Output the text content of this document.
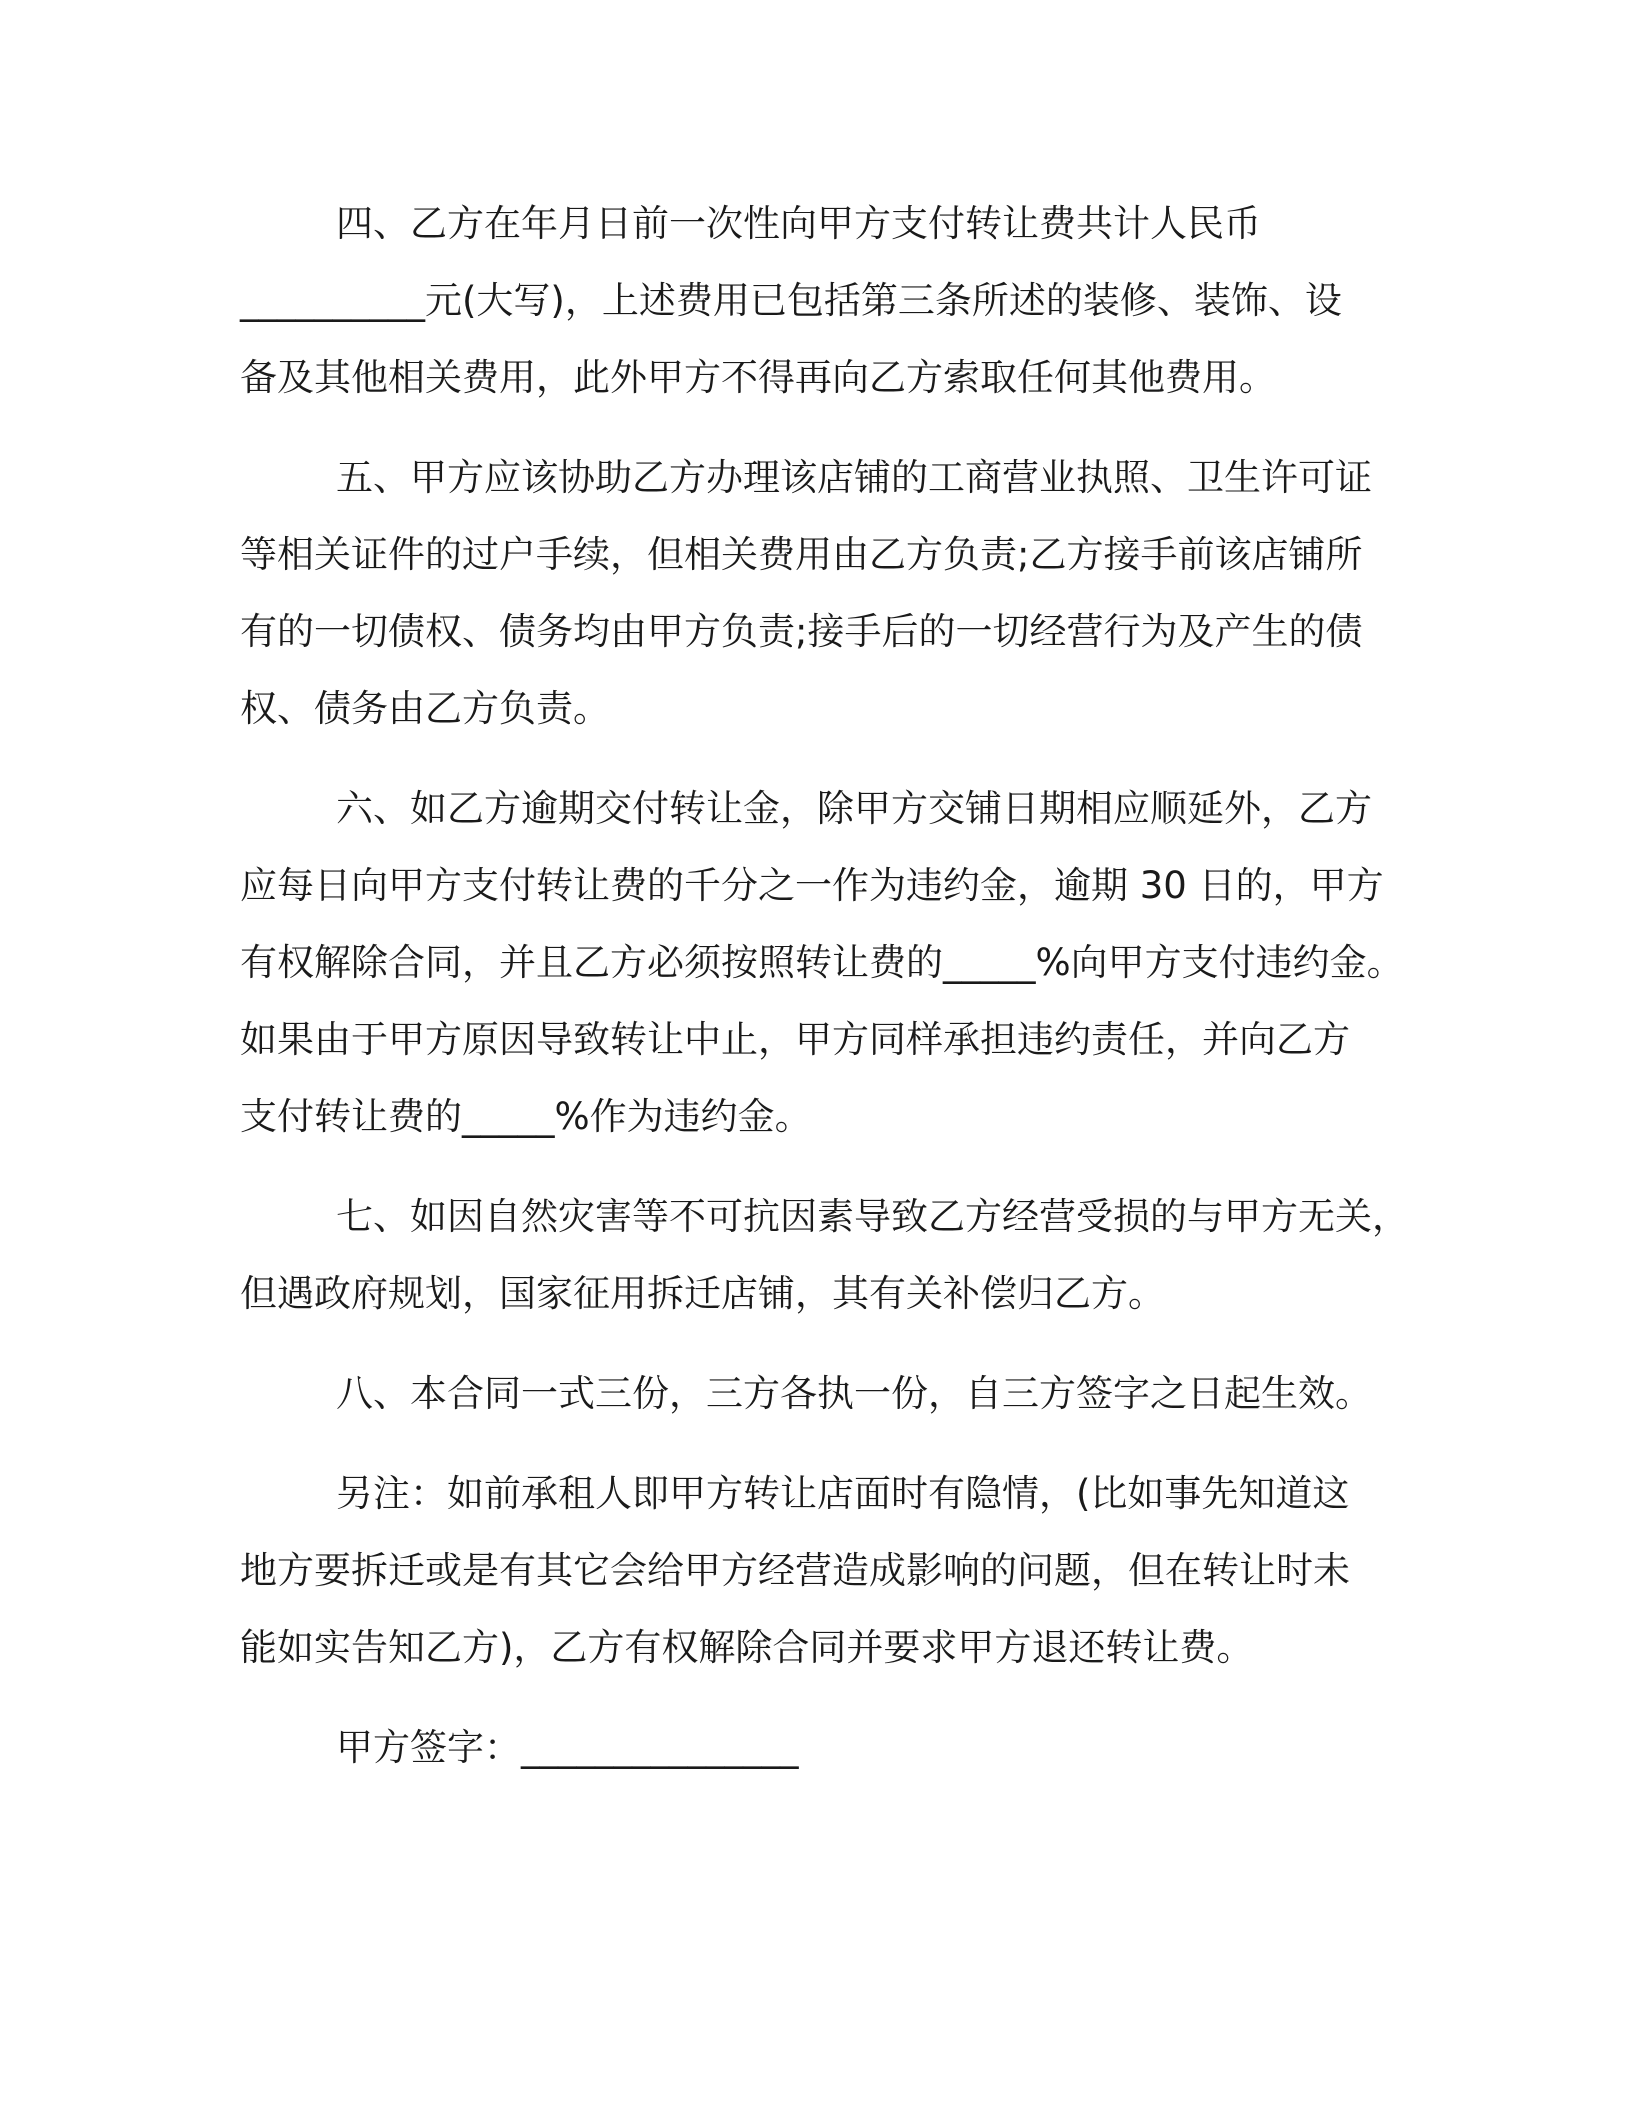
四、乙方在年月日前一次性向甲方支付转让费共计人民币
__________元(大写)，上述费用已包括第三条所述的装修、装饰、设
备及其他相关费用，此外甲方不得再向乙方索取任何其他费用。
五、甲方应该协助乙方办理该店铺的工商营业执照、卫生许可证
等相关证件的过户手续，但相关费用由乙方负责;乙方接手前该店铺所
有的一切债权、债务均由甲方负责;接手后的一切经营行为及产生的债
权、债务由乙方负责。
六、如乙方逾期交付转让金，除甲方交铺日期相应顺延外，乙方
应每日向甲方支付转让费的千分之一作为违约金，逾期 30 日的，甲方
有权解除合同，并且乙方必须按照转让费的_____%向甲方支付违约金。
如果由于甲方原因导致转让中止，甲方同样承担违约责任，并向乙方
支付转让费的_____%作为违约金。
七、如因自然灾害等不可抗因素导致乙方经营受损的与甲方无关，
但遇政府规划，国家征用拆迁店铺，其有关补偿归乙方。
八、本合同一式三份，三方各执一份，自三方签字之日起生效。
另注：如前承租人即甲方转让店面时有隐情，(比如事先知道这
地方要拆迁或是有其它会给甲方经营造成影响的问题，但在转让时未
能如实告知乙方)，乙方有权解除合同并要求甲方退还转让费。
甲方签字：_______________
